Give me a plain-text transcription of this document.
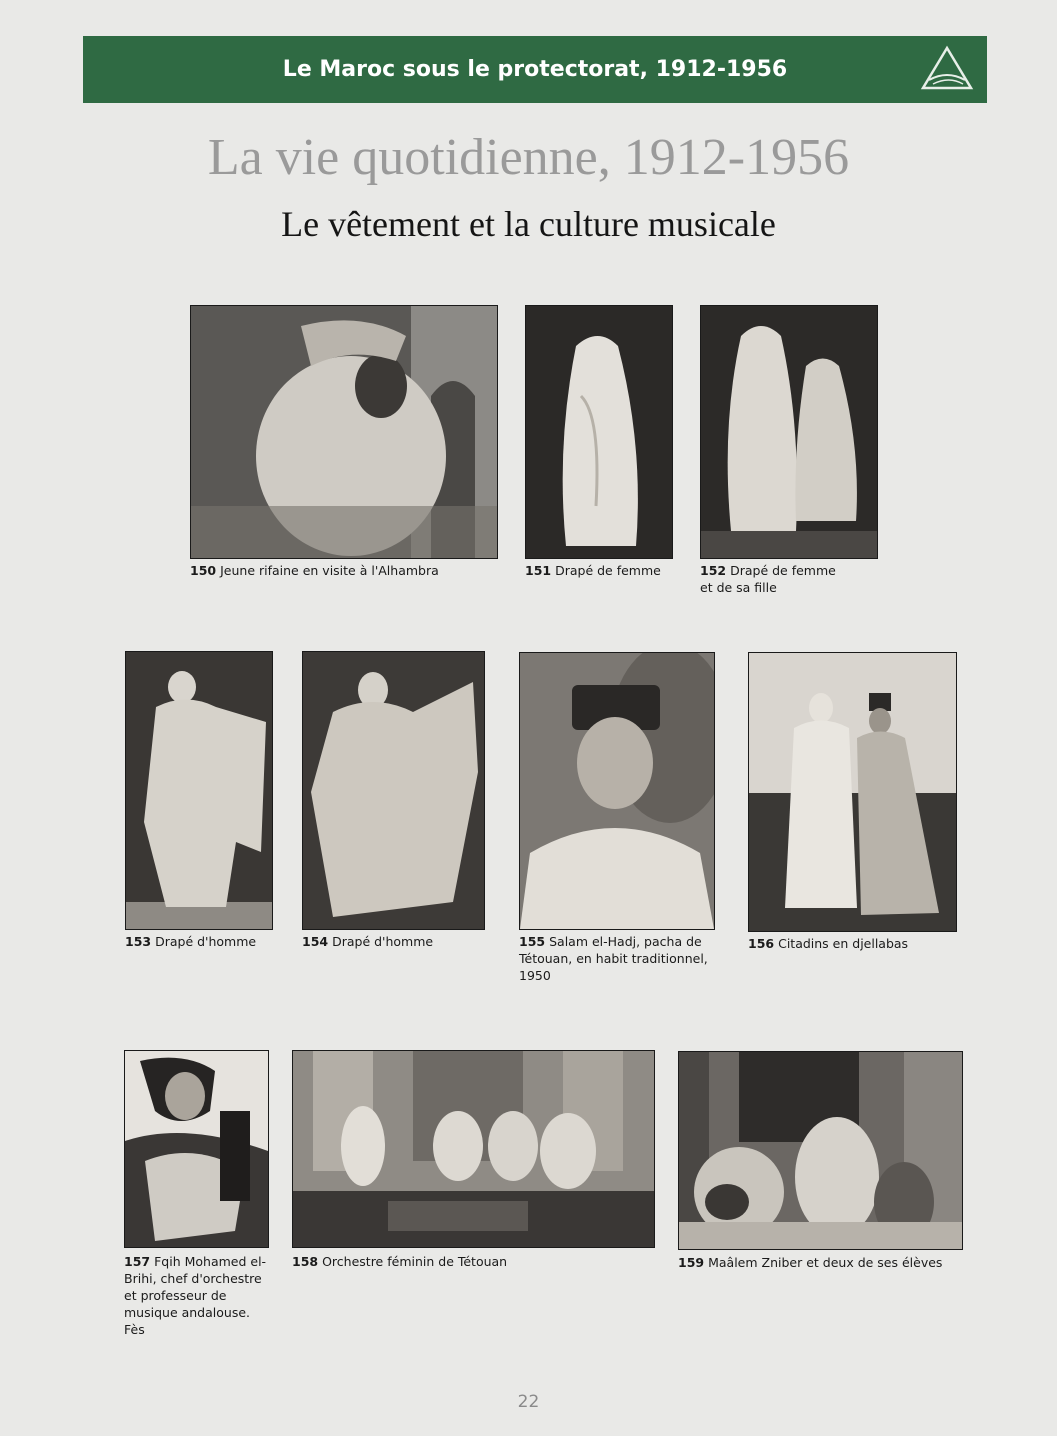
Le Maroc sous le protectorat, 1912-1956
La vie quotidienne, 1912-1956
Le vêtement et la culture musicale
150 Jeune rifaine en visite à l'Alhambra	151 Drapé de femme	152 Drapé de femme et de sa fille
153 Drapé d'homme	154 Drapé d'homme	155 Salam el-Hadj, pacha de Tétouan, en habit traditionnel, 1950
156 Citadins en djellabas
157 Fqih Mohamed el-Brihi, chef d'orchestre et professeur de musique andalouse. Fès
158 Orchestre féminin de Tétouan	159 Maâlem Zniber et deux de ses élèves
22
